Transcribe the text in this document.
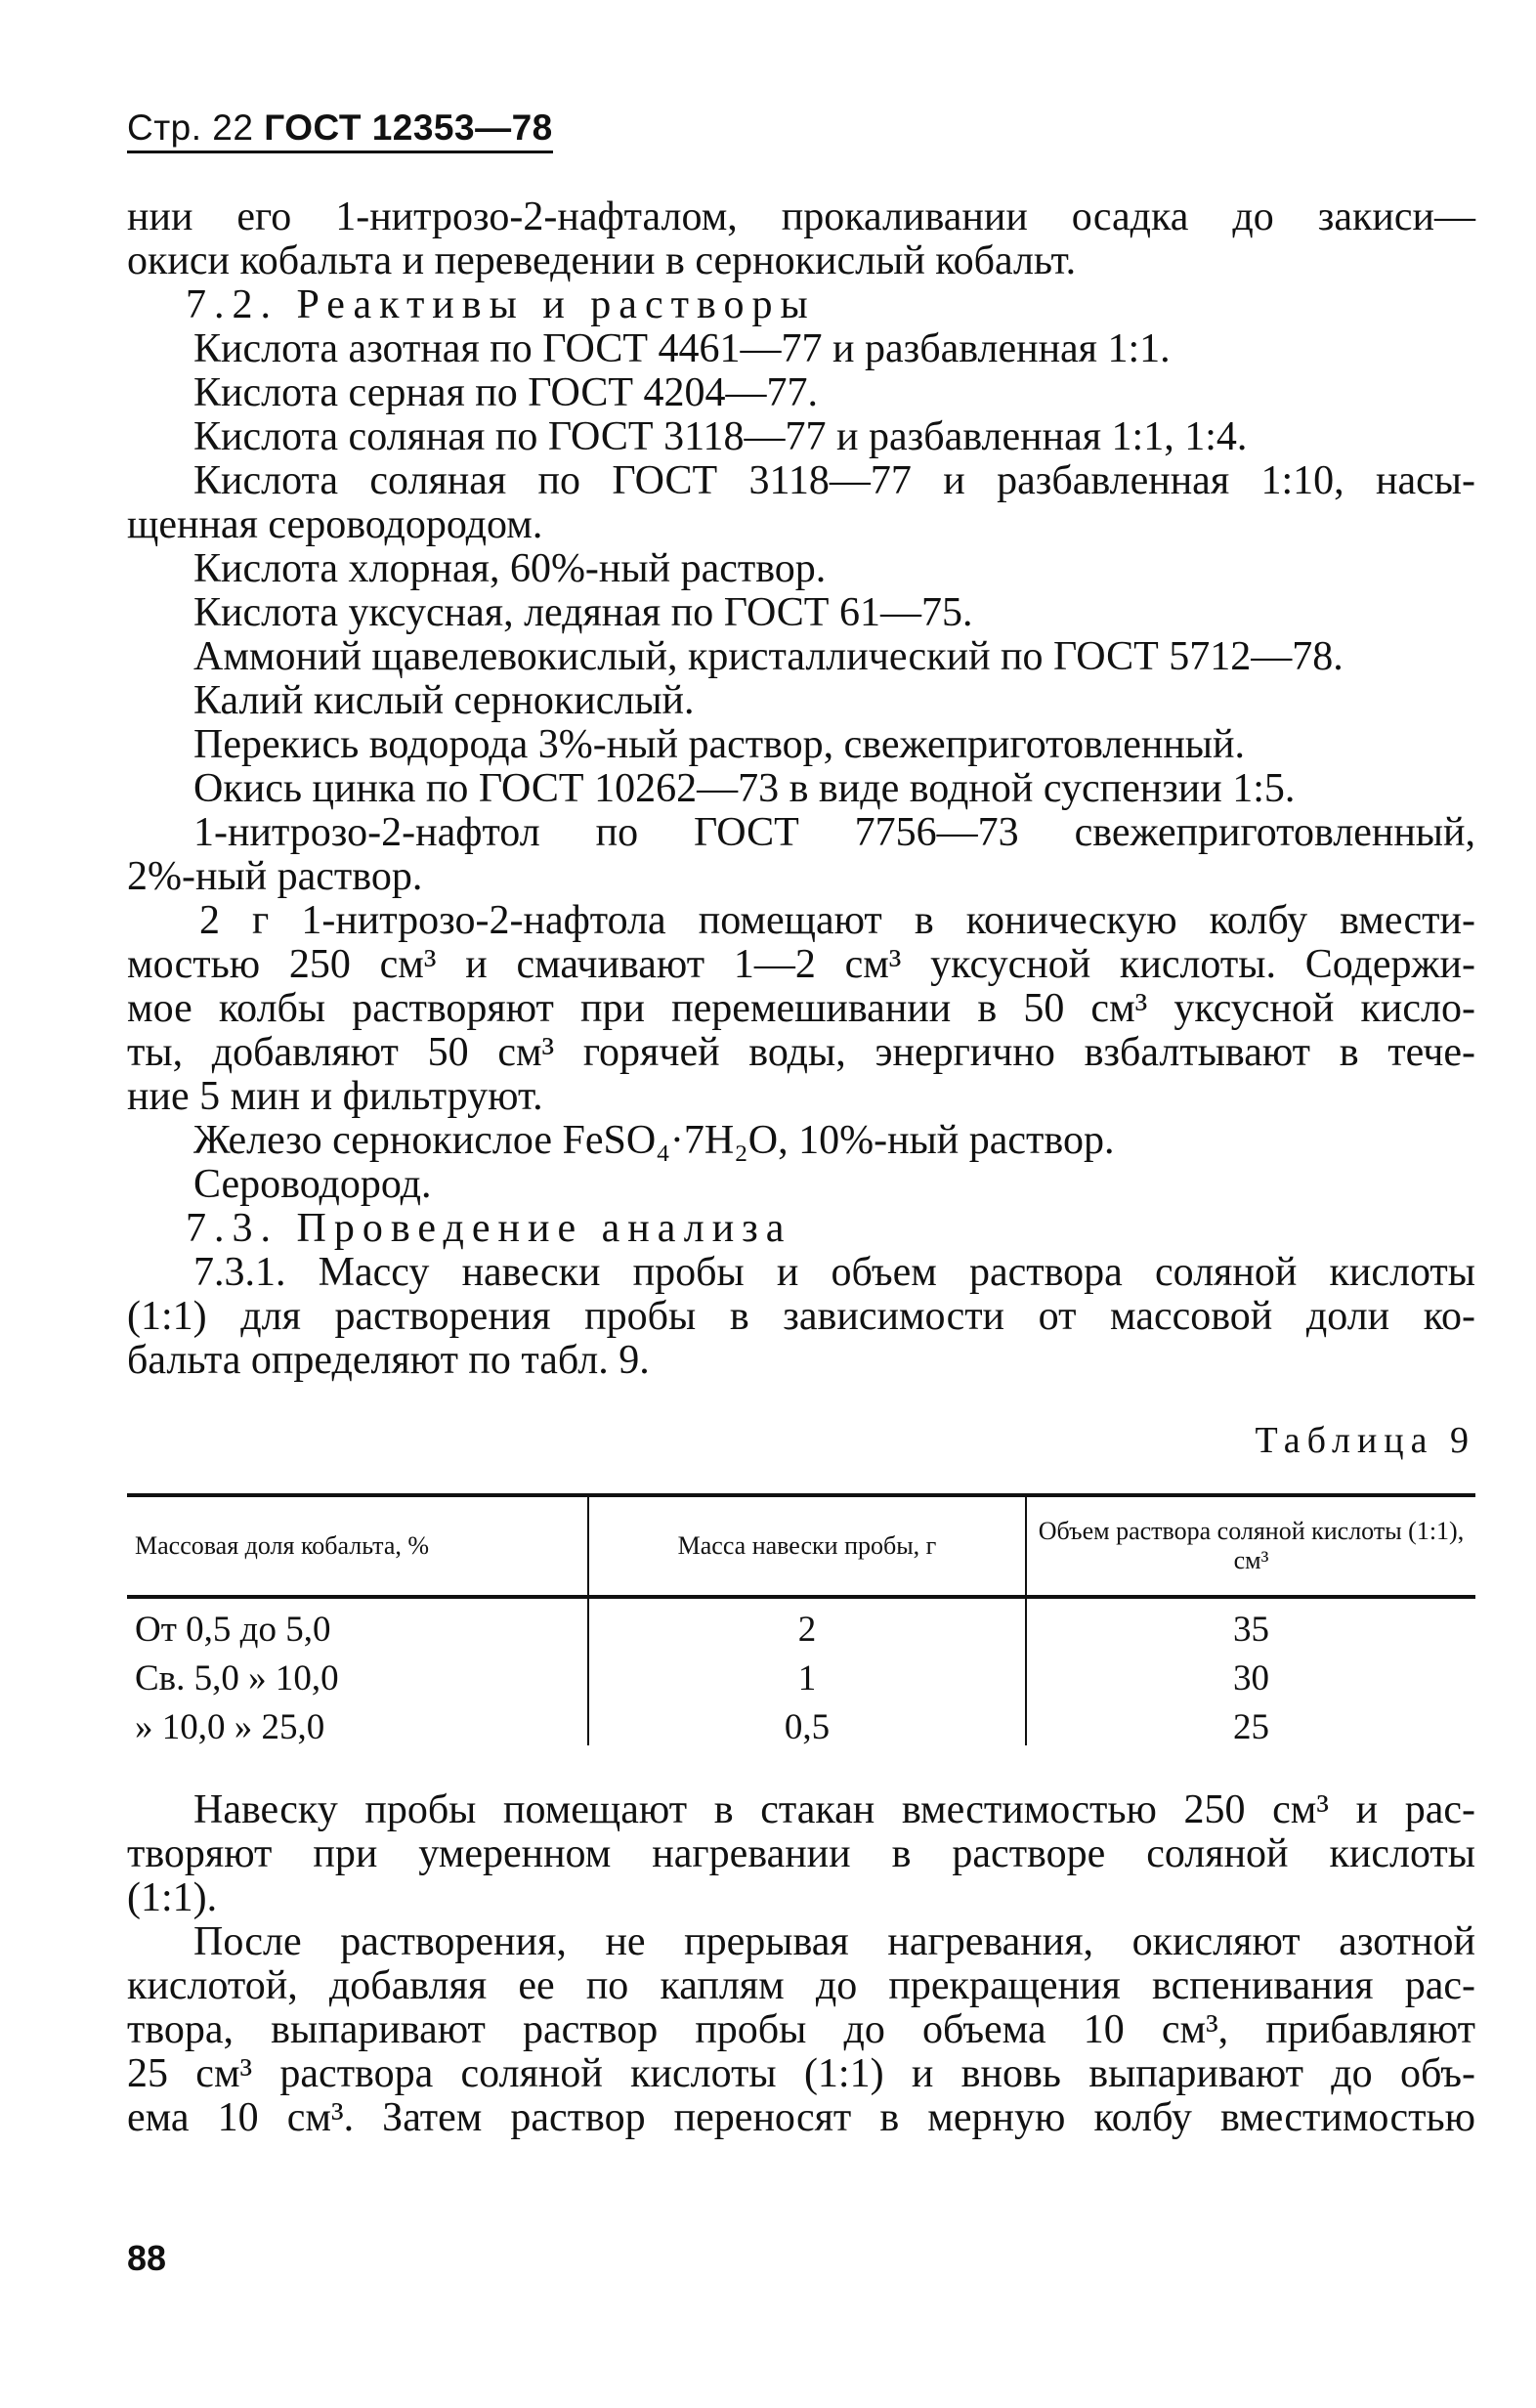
Стр. 22 ГОСТ 12353—78
нии его 1-нитрозо-2-нафталом, прокаливании осадка до закиси—
окиси кобальта и переведении в сернокислый кобальт.
7.2. Реактивы и растворы
Кислота азотная по ГОСТ 4461—77 и разбавленная 1:1.
Кислота серная по ГОСТ 4204—77.
Кислота соляная по ГОСТ 3118—77 и разбавленная 1:1, 1:4.
Кислота соляная по ГОСТ 3118—77 и разбавленная 1:10, насы-
щенная сероводородом.
Кислота хлорная, 60%-ный раствор.
Кислота уксусная, ледяная по ГОСТ 61—75.
Аммоний щавелевокислый, кристаллический по ГОСТ 5712—78.
Калий кислый сернокислый.
Перекись водорода 3%-ный раствор, свежеприготовленный.
Окись цинка по ГОСТ 10262—73 в виде водной суспензии 1:5.
1-нитрозо-2-нафтол по ГОСТ 7756—73 свежеприготовленный,
2%-ный раствор.
2 г 1-нитрозо-2-нафтола помещают в коническую колбу вмести-
мостью 250 см³ и смачивают 1—2 см³ уксусной кислоты. Содержи-
мое колбы растворяют при перемешивании в 50 см³ уксусной кисло-
ты, добавляют 50 см³ горячей воды, энергично взбалтывают в тече-
ние 5 мин и фильтруют.
Железо сернокислое FeSO₄·7H₂O, 10%-ный раствор.
Сероводород.
7.3. Проведение анализа
7.3.1. Массу навески пробы и объем раствора соляной кислоты
(1:1) для растворения пробы в зависимости от массовой доли ко-
бальта определяют по табл. 9.
Таблица 9
Массовая доля кобальта, %	Масса навески пробы, г	Объем раствора соляной кислоты (1:1), см³
От 0,5 до 5,0	2	35
Св. 5,0 » 10,0	1	30
» 10,0 » 25,0	0,5	25
Навеску пробы помещают в стакан вместимостью 250 см³ и рас-
творяют при умеренном нагревании в растворе соляной кислоты
(1:1).
После растворения, не прерывая нагревания, окисляют азотной
кислотой, добавляя ее по каплям до прекращения вспенивания рас-
твора, выпаривают раствор пробы до объема 10 см³, прибавляют
25 см³ раствора соляной кислоты (1:1) и вновь выпаривают до объ-
ема 10 см³. Затем раствор переносят в мерную колбу вместимостью
88
